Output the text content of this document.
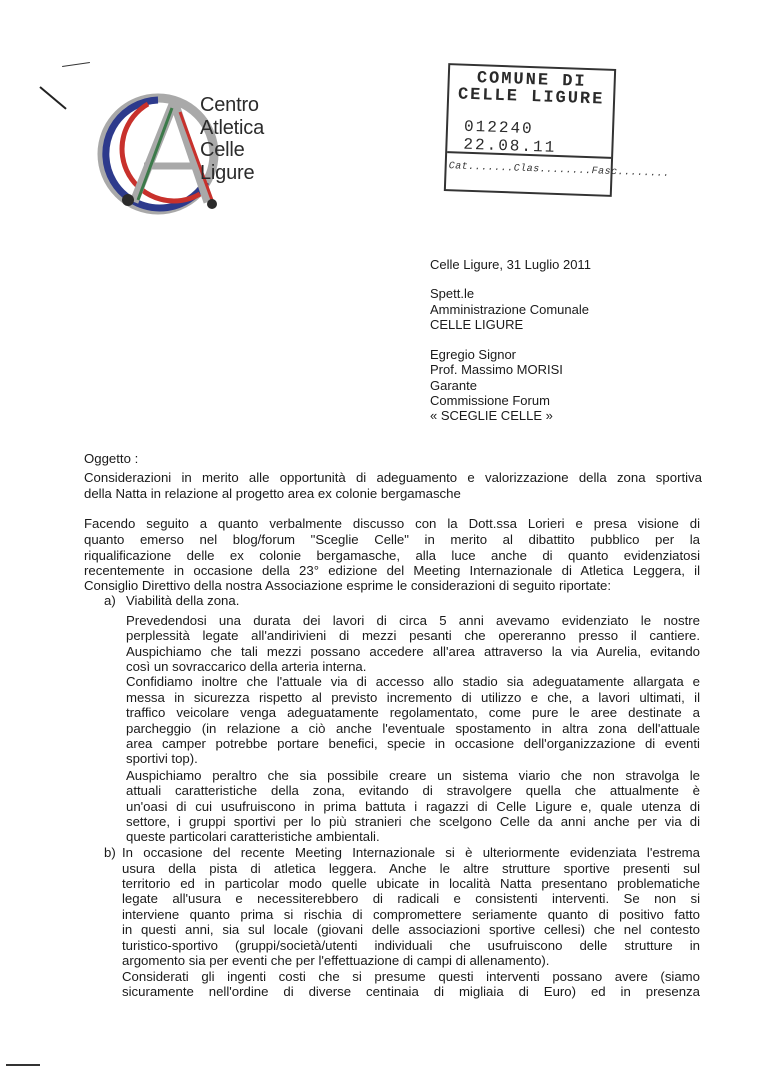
Centro
Atletica
Celle
Ligure
COMUNE DI
CELLE LIGURE
012240 22.08.11
Cat.......Clas........Fasc........
Celle Ligure, 31 Luglio 2011
Spett.le
Amministrazione Comunale
CELLE LIGURE
Egregio Signor
Prof. Massimo MORISI
Garante
Commissione Forum
« SCEGLIE CELLE »
Oggetto :
Considerazioni in merito alle opportunità di adeguamento e valorizzazione della zona sportiva
della Natta in relazione al progetto area ex colonie bergamasche
Facendo seguito a quanto verbalmente discusso con la Dott.ssa Lorieri e presa visione di
quanto emerso nel blog/forum "Sceglie Celle" in merito al dibattito pubblico per la
riqualificazione delle ex colonie bergamasche, alla luce anche di quanto evidenziatosi
recentemente in occasione della 23° edizione del Meeting Internazionale di Atletica Leggera, il
Consiglio Direttivo della nostra Associazione esprime le considerazioni di seguito riportate:
a) Viabilità della zona.
Prevedendosi una durata dei lavori di circa 5 anni avevamo evidenziato le nostre
perplessità legate all'andirivieni di mezzi pesanti che opereranno presso il cantiere.
Auspichiamo che tali mezzi possano accedere all'area attraverso la via Aurelia, evitando
così un sovraccarico della arteria interna.
Confidiamo inoltre che l'attuale via di accesso allo stadio sia adeguatamente allargata e
messa in sicurezza rispetto al previsto incremento di utilizzo e che, a lavori ultimati, il
traffico veicolare venga adeguatamente regolamentato, come pure le aree destinate a
parcheggio (in relazione a ciò anche l'eventuale spostamento in altra zona dell'attuale
area camper potrebbe portare benefici, specie in occasione dell'organizzazione di eventi
sportivi top).
Auspichiamo peraltro che sia possibile creare un sistema viario che non stravolga le
attuali caratteristiche della zona, evitando di stravolgere quella che attualmente è
un'oasi di cui usufruiscono in prima battuta i ragazzi di Celle Ligure e, quale utenza di
settore, i gruppi sportivi per lo più stranieri che scelgono Celle da anni anche per via di
queste particolari caratteristiche ambientali.
b) In occasione del recente Meeting Internazionale si è ulteriormente evidenziata l'estrema
usura della pista di atletica leggera. Anche le altre strutture sportive presenti sul
territorio ed in particolar modo quelle ubicate in località Natta presentano problematiche
legate all'usura e necessiterebbero di radicali e consistenti interventi. Se non si
interviene quanto prima si rischia di compromettere seriamente quanto di positivo fatto
in questi anni, sia sul locale (giovani delle associazioni sportive cellesi) che nel contesto
turistico-sportivo (gruppi/società/utenti individuali che usufruiscono delle strutture in
argomento sia per eventi che per l'effettuazione di campi di allenamento).
Considerati gli ingenti costi che si presume questi interventi possano avere (siamo
sicuramente nell'ordine di diverse centinaia di migliaia di Euro) ed in presenza
